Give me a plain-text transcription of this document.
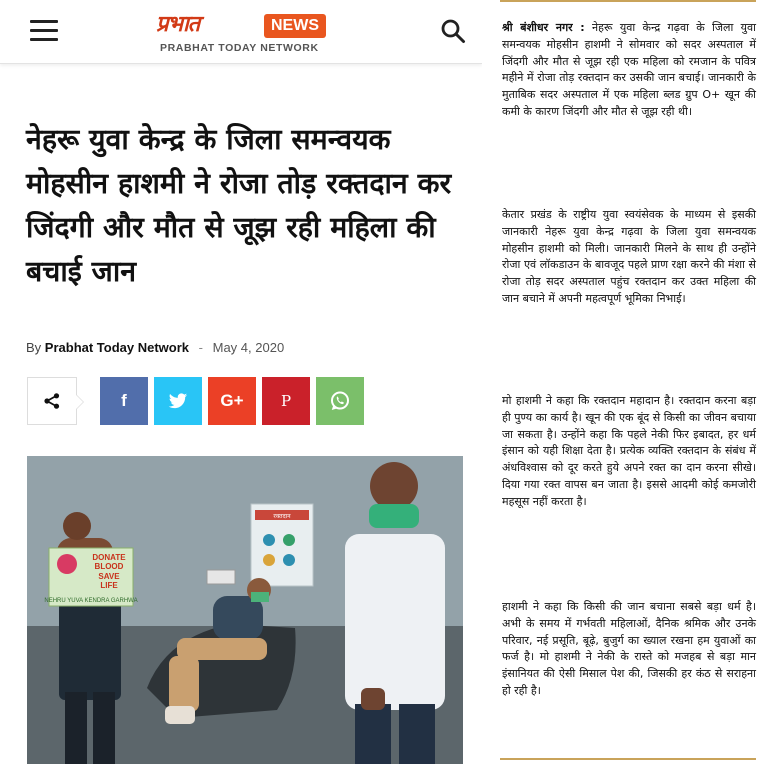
प्रभात	NEWS
PRABHAT TODAY NETWORK
नेहरू युवा केन्द्र के जिला समन्वयक मोहसीन हाशमी ने रोजा तोड़ रक्तदान कर जिंदगी और मौत से जूझ रही महिला की बचाई जान
By Prabhat Today Network - May 4, 2020
f	G+ P
रक्तदान
DONATE
BLOOD
SAVE
LIFE
NEHRU YUVA KENDRA GARHWA

श्री बंशीधर नगर : नेहरू युवा केन्द्र गढ़वा के जिला युवा समन्वयक मोहसीन हाशमी ने सोमवार को सदर अस्पताल में जिंदगी और मौत से जूझ रही एक महिला को रमजान के पवित्र महीने में रोजा तोड़ रक्तदान कर उसकी जान बचाई। जानकारी के मुताबिक सदर अस्पताल में एक महिला ब्लड ग्रुप O+ खून की कमी के कारण जिंदगी और मौत से जूझ रही थी।

केतार प्रखंड के राष्ट्रीय युवा स्वयंसेवक के माध्यम से इसकी जानकारी नेहरू युवा केन्द्र गढ़वा के जिला युवा समन्वयक मोहसीन हाशमी को मिली। जानकारी मिलने के साथ ही उन्होंने रोजा एवं लॉकडाउन के बावजूद पहले प्राण रक्षा करने की मंशा से रोजा तोड़ सदर अस्पताल पहुंच रक्तदान कर उक्त महिला की जान बचाने में अपनी महत्वपूर्ण भूमिका निभाई।

मो हाशमी ने कहा कि रक्तदान महादान है। रक्तदान करना बड़ा ही पुण्य का कार्य है। खून की एक बूंद से किसी का जीवन बचाया जा सकता है। उन्होंने कहा कि पहले नेकी फिर इबादत, हर धर्म इंसान को यही शिक्षा देता है। प्रत्येक व्यक्ति रक्तदान के संबंध में अंधविश्वास को दूर करते हुये अपने रक्त का दान करना सीखे। दिया गया रक्त वापस बन जाता है। इससे आदमी कोई कमजोरी महसूस नहीं करता है।

हाशमी ने कहा कि किसी की जान बचाना सबसे बड़ा धर्म है। अभी के समय में गर्भवती महिलाओं, दैनिक श्रमिक और उनके परिवार, नई प्रसूति, बूढ़े, बुजुर्ग का ख्याल रखना हम युवाओं का फर्ज है। मो हाशमी ने नेकी के रास्ते को मजहब से बड़ा मान इंसानियत की ऐसी मिसाल पेश की, जिसकी हर कंठ से सराहना हो रही है।
